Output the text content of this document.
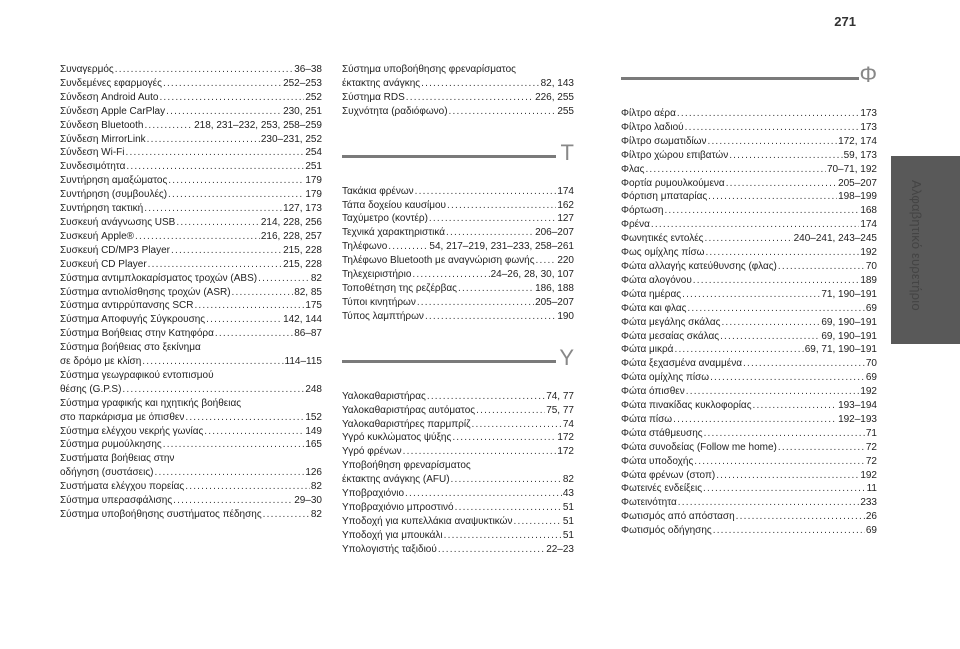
271
Αλφαβητικό ευρετήριο
Συναγερμός .....	36–38
Συνδεμένες εφαρμογές .....	252–253
Σύνδεση Android Auto .....	252
Σύνδεση Apple CarPlay .....	230, 251
Σύνδεση Bluetooth .....	218, 231–232, 253, 258–259
Σύνδεση MirrorLink .....	230–231, 252
Σύνδεση Wi-Fi .....	254
Συνδεσιμότητα .....	251
Συντήρηση αμαξώματος .....	179
Συντήρηση (συμβουλές) .....	179
Συντήρηση τακτική .....	127, 173
Συσκευή ανάγνωσης USB .....	214, 228, 256
Συσκευή Apple® .....	216, 228, 257
Συσκευή CD/MP3 Player .....	215, 228
Συσκευή CD Player .....	215, 228
Σύστημα αντιμπλοκαρίσματος τροχών (ABS) .....	82
Σύστημα αντιολίσθησης τροχών (ASR) .....	82, 85
Σύστημα αντιρρύπανσης SCR .....	175
Σύστημα Αποφυγής Σύγκρουσης .....	142, 144
Σύστημα Βοήθειας στην Κατηφόρα .....	86–87
Σύστημα βοήθειας στο ξεκίνημα
σε δρόμο με κλίση .....	114–115
Σύστημα γεωγραφικού εντοπισμού
θέσης (G.P.S) .....	248
Σύστημα γραφικής και ηχητικής βοήθειας
στο παρκάρισμα με όπισθεν .....	152
Σύστημα ελέγχου νεκρής γωνίας .....	149
Σύστημα ρυμούλκησης .....	165
Συστήματα βοήθειας στην
οδήγηση (συστάσεις) .....	126
Συστήματα ελέγχου πορείας .....	82
Σύστημα υπερασφάλισης .....	29–30
Σύστημα υποβοήθησης συστήματος πέδησης .....	82
Σύστημα υποβοήθησης φρεναρίσματος
έκτακτης ανάγκης .....	82, 143
Σύστημα RDS .....	226, 255
Συχνότητα (ραδιόφωνο) .....	255
Τ
Τακάκια φρένων .....	174
Τάπα δοχείου καυσίμου .....	162
Ταχύμετρο (κοντέρ) .....	127
Τεχνικά χαρακτηριστικά .....	206–207
Τηλέφωνο .....	54, 217–219, 231–233, 258–261
Τηλέφωνο Bluetooth με αναγνώριση φωνής ..... 220
Τηλεχειριστήριο .....	24–26, 28, 30, 107
Τοποθέτηση της ρεζέρβας .....	186, 188
Τύποι κινητήρων .....	205–207
Τύπος λαμπτήρων .....	190
Υ
Υαλοκαθαριστήρας .....	74, 77
Υαλοκαθαριστήρας αυτόματος .....	75, 77
Υαλοκαθαριστήρες παρμπρίζ .....	74
Υγρό κυκλώματος ψύξης .....	172
Υγρό φρένων .....	172
Υποβοήθηση φρεναρίσματος
έκτακτης ανάγκης (AFU) .....	82
Υποβραχιόνιο .....	43
Υποβραχιόνιο μπροστινό .....	51
Υποδοχή για κυπελλάκια αναψυκτικών .....	51
Υποδοχή για μπουκάλι .....	51
Υπολογιστής ταξιδιού .....	22–23
Φ
Φίλτρο αέρα .....	173
Φίλτρο λαδιού .....	173
Φίλτρο σωματιδίων .....	172, 174
Φίλτρο χώρου επιβατών .....	59, 173
Φλας .....	70–71, 192
Φορτία ρυμουλκούμενα .....	205–207
Φόρτιση μπαταρίας .....	198–199
Φόρτωση .....	168
Φρένα .....	174
Φωνητικές εντολές .....	240–241, 243–245
Φως ομίχλης πίσω .....	192
Φώτα αλλαγής κατεύθυνσης (φλας) .....	70
Φώτα αλογόνου .....	189
Φώτα ημέρας .....	71, 190–191
Φώτα και φλας .....	69
Φώτα μεγάλης σκάλας .....	69, 190–191
Φώτα μεσαίας σκάλας .....	69, 190–191
Φώτα μικρά .....	69, 71, 190–191
Φώτα ξεχασμένα αναμμένα .....	70
Φώτα ομίχλης πίσω .....	69
Φώτα όπισθεν .....	192
Φώτα πινακίδας κυκλοφορίας .....	193–194
Φώτα πίσω .....	192–193
Φώτα στάθμευσης .....	71
Φώτα συνοδείας (Follow me home) .....	72
Φώτα υποδοχής .....	72
Φώτα φρένων (στοπ) .....	192
Φωτεινές ενδείξεις .....	11
Φωτεινότητα .....	233
Φωτισμός από απόσταση .....	26
Φωτισμός οδήγησης .....	69
